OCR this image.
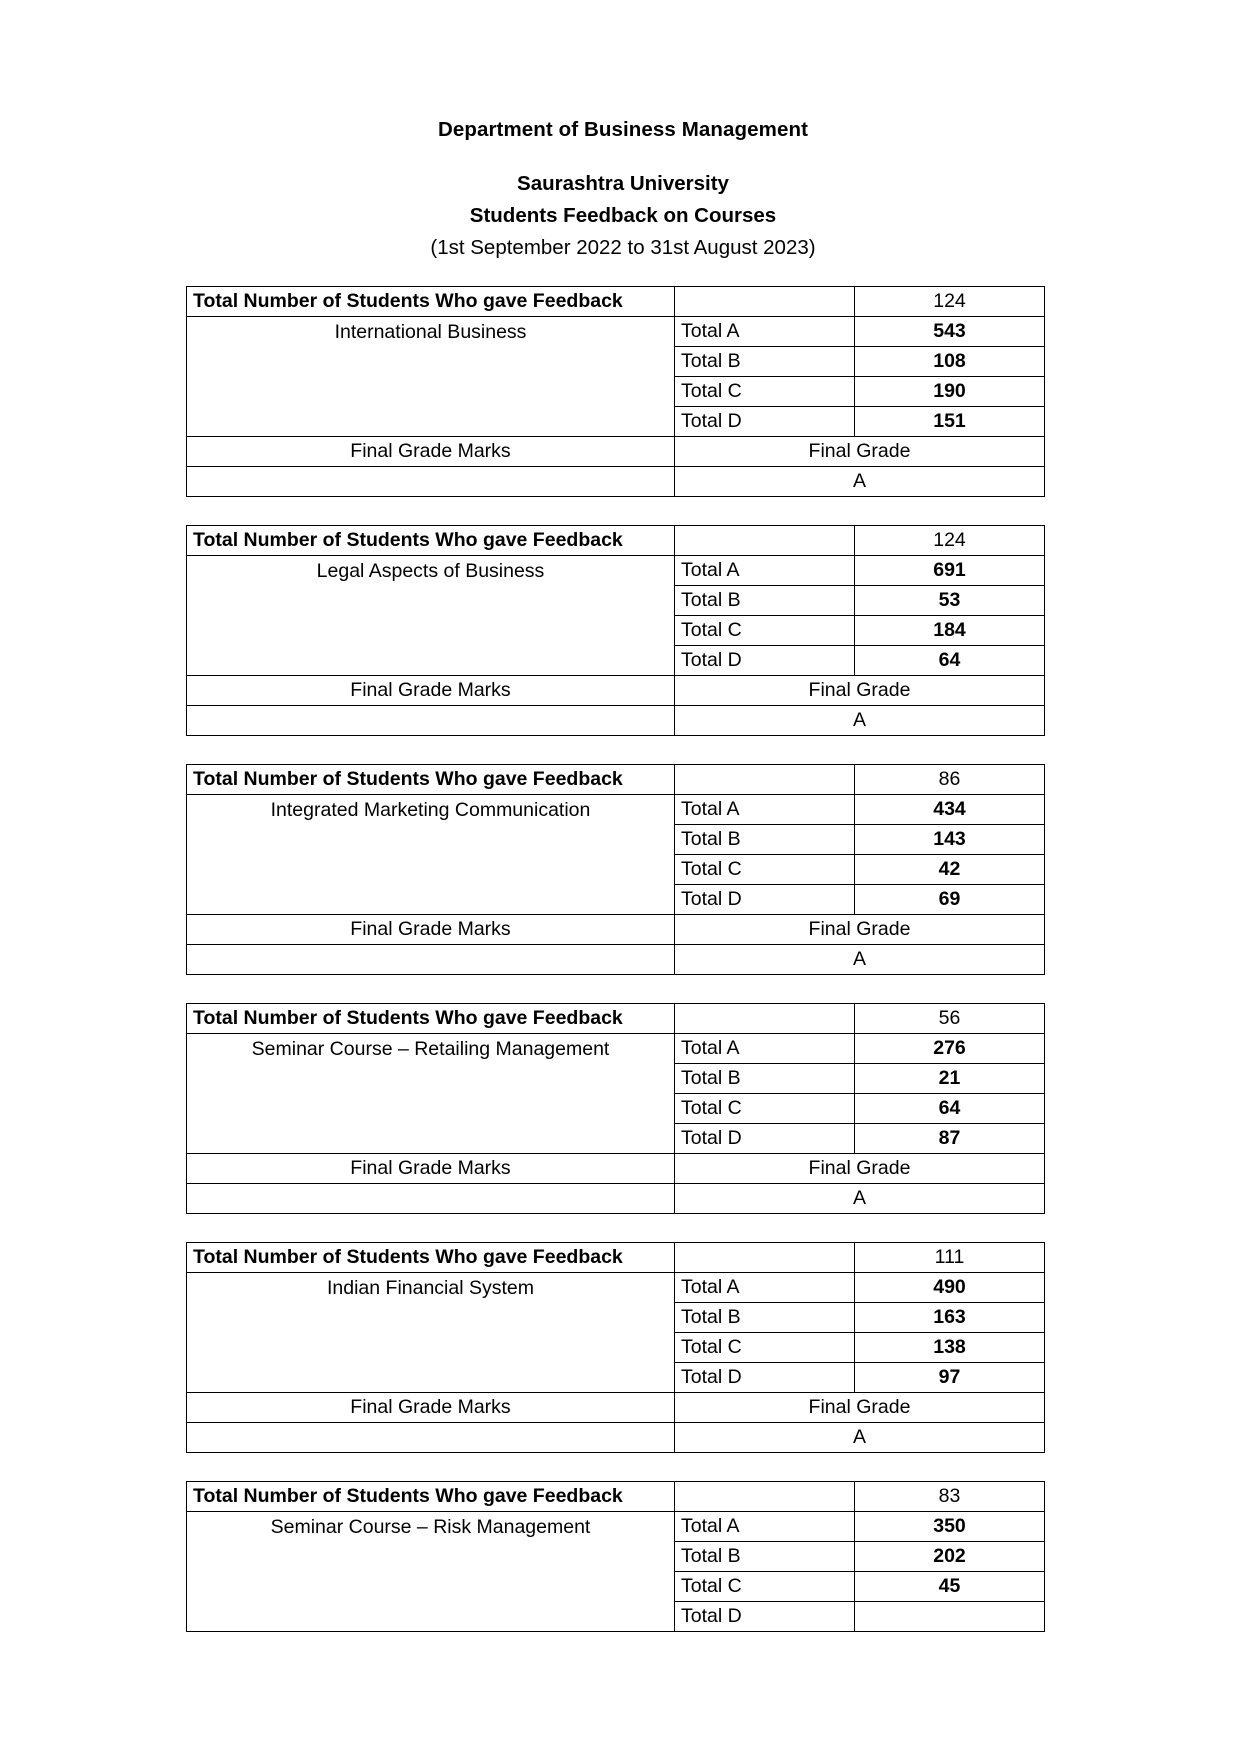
Department of Business Management
Saurashtra University
Students Feedback on Courses
(1st September 2022 to 31st August 2023)
Total Number of Students Who gave Feedback		124
International Business	Total A	543
	Total B	108
	Total C	190
	Total D	151
Final Grade Marks	Final Grade	
	A	
Total Number of Students Who gave Feedback		124
Legal Aspects of Business	Total A	691
	Total B	53
	Total C	184
	Total D	64
Final Grade Marks	Final Grade	
	A	
Total Number of Students Who gave Feedback		86
Integrated Marketing Communication	Total A	434
	Total B	143
	Total C	42
	Total D	69
Final Grade Marks	Final Grade	
	A	
Total Number of Students Who gave Feedback		56
Seminar Course – Retailing Management	Total A	276
	Total B	21
	Total C	64
	Total D	87
Final Grade Marks	Final Grade	
	A	
Total Number of Students Who gave Feedback		111
Indian Financial System	Total A	490
	Total B	163
	Total C	138
	Total D	97
Final Grade Marks	Final Grade	
	A	
Total Number of Students Who gave Feedback		83
Seminar Course – Risk Management	Total A	350
	Total B	202
	Total C	45
	Total D	
